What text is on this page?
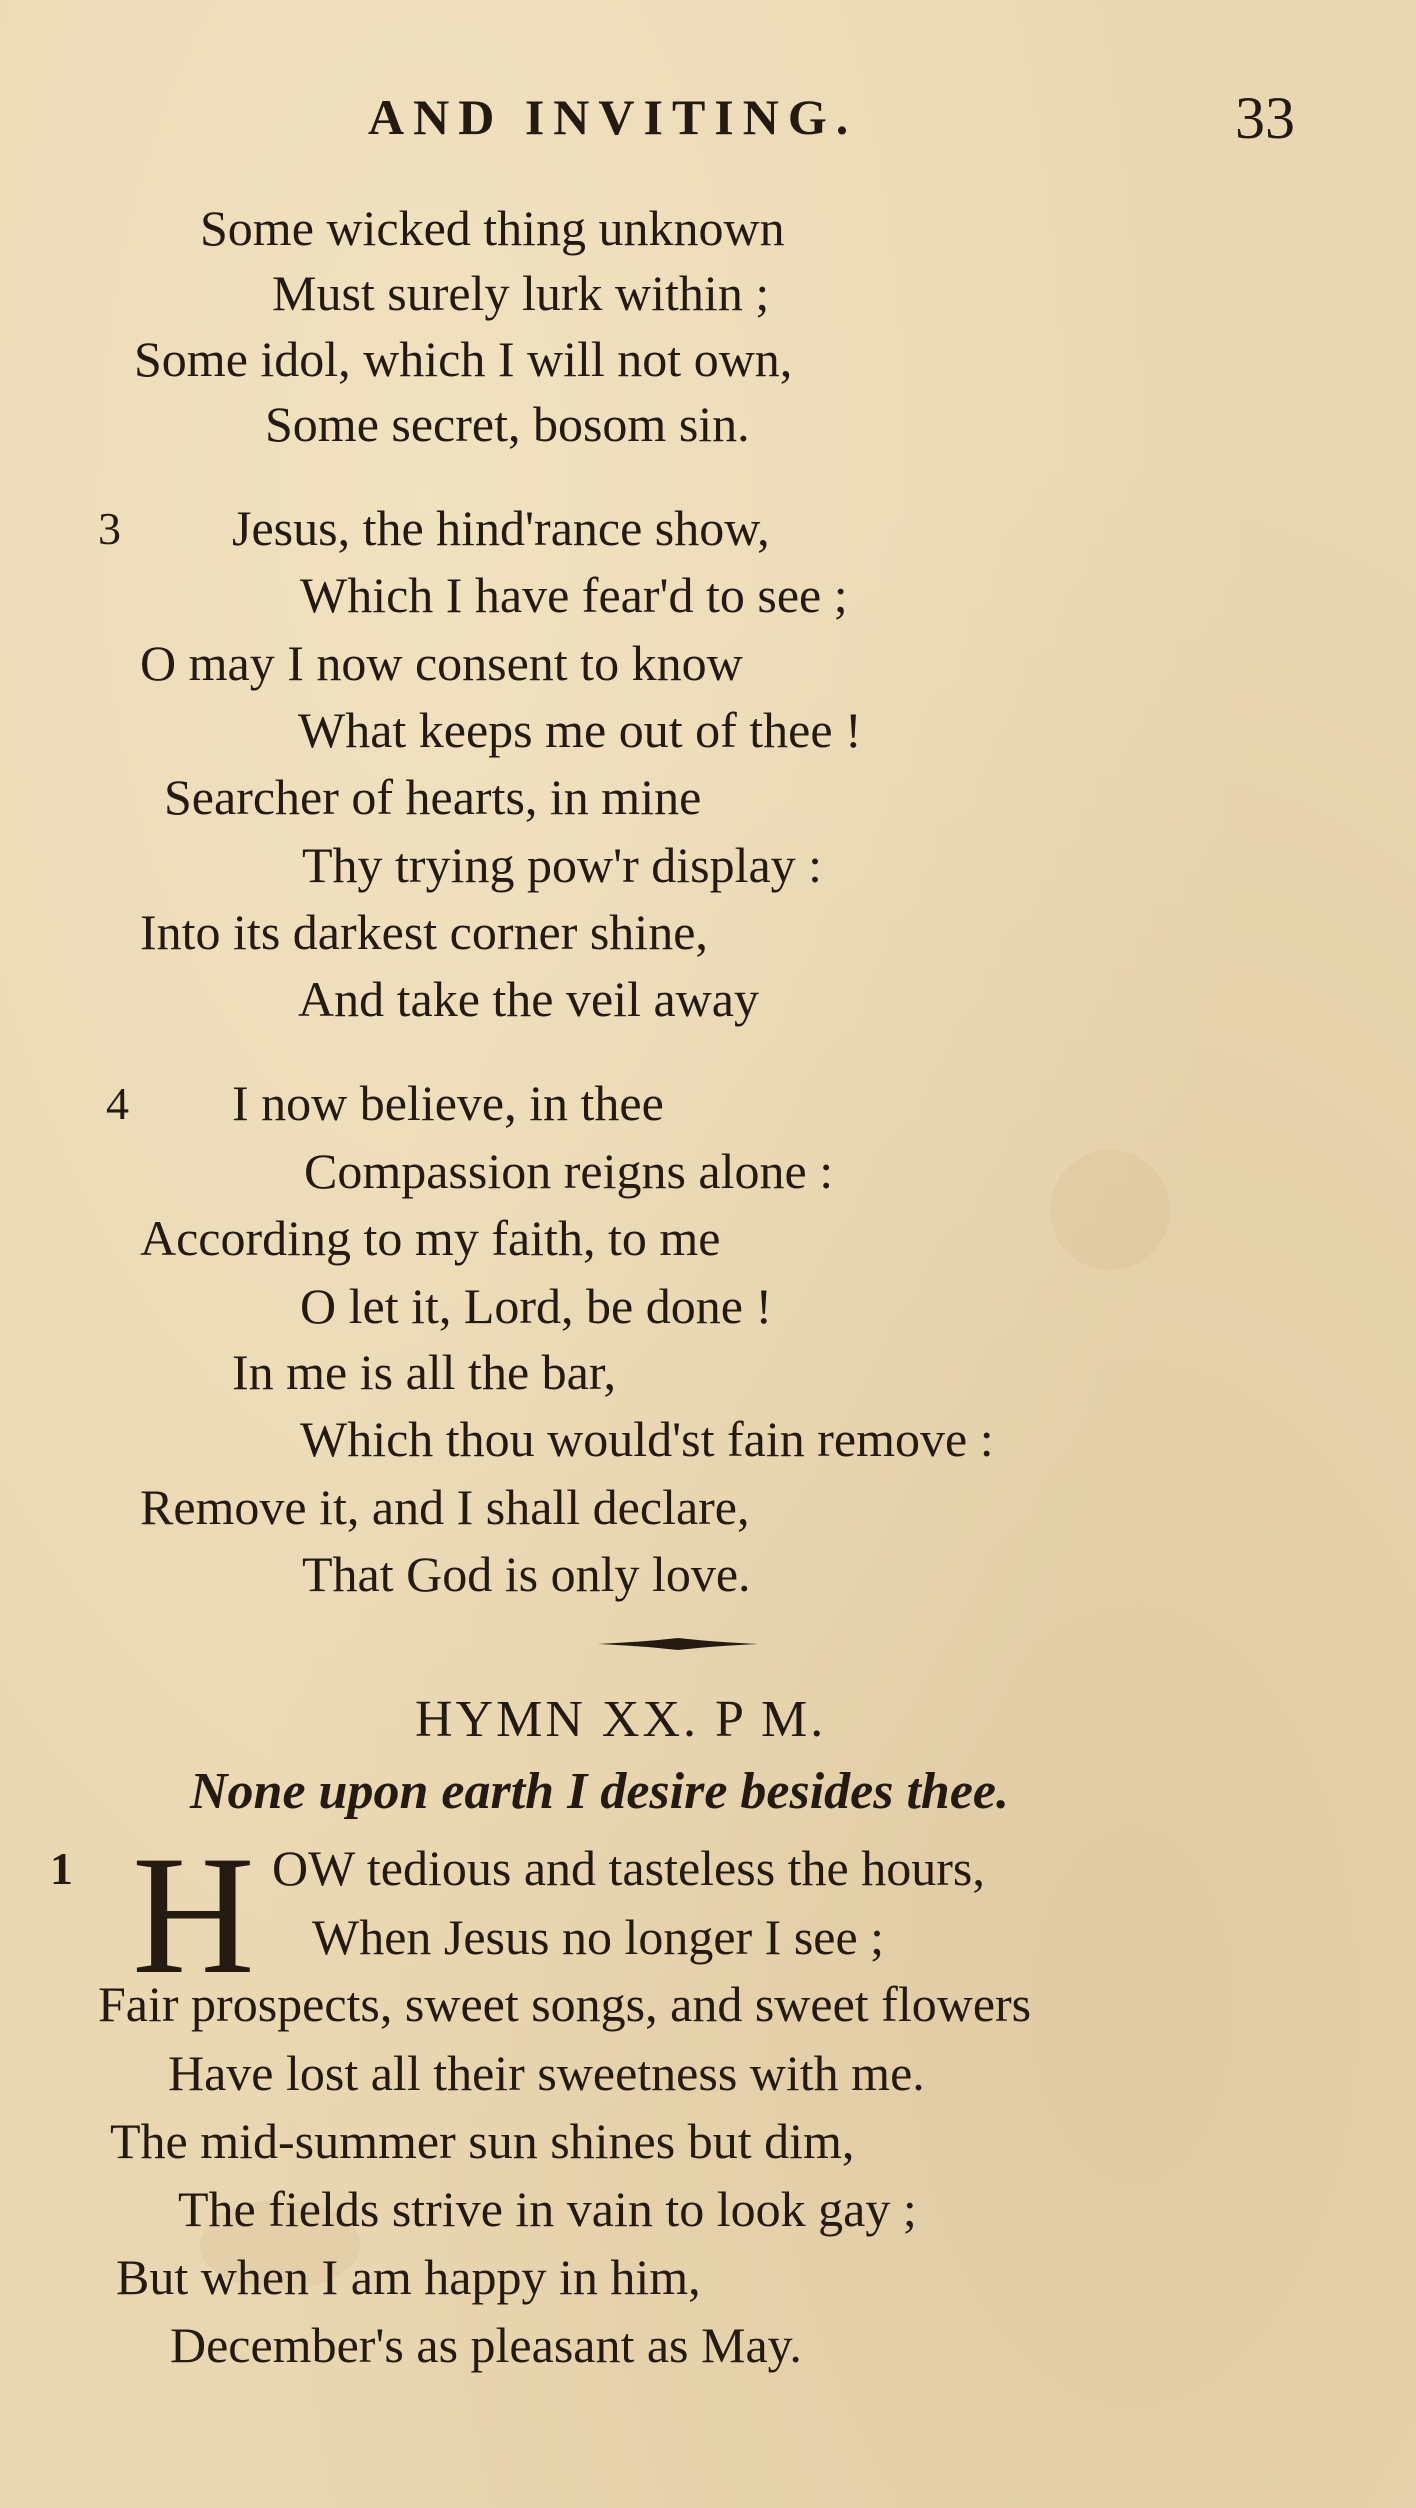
AND INVITING.	33
Some wicked thing unknown
Must surely lurk within ;
Some idol, which I will not own,
Some secret, bosom sin.
3 Jesus, the hind'rance show,
Which I have fear'd to see ;
O may I now consent to know
What keeps me out of thee !
Searcher of hearts, in mine
Thy trying pow'r display :
Into its darkest corner shine,
And take the veil away
4 I now believe, in thee
Compassion reigns alone :
According to my faith, to me
O let it, Lord, be done !
In me is all the bar,
Which thou would'st fain remove :
Remove it, and I shall declare,
That God is only love.
HYMN XX. P M.
None upon earth I desire besides thee.
1 H OW tedious and tasteless the hours,
When Jesus no longer I see ;
Fair prospects, sweet songs, and sweet flowers
Have lost all their sweetness with me.
The mid-summer sun shines but dim,
The fields strive in vain to look gay ;
But when I am happy in him,
December's as pleasant as May.
